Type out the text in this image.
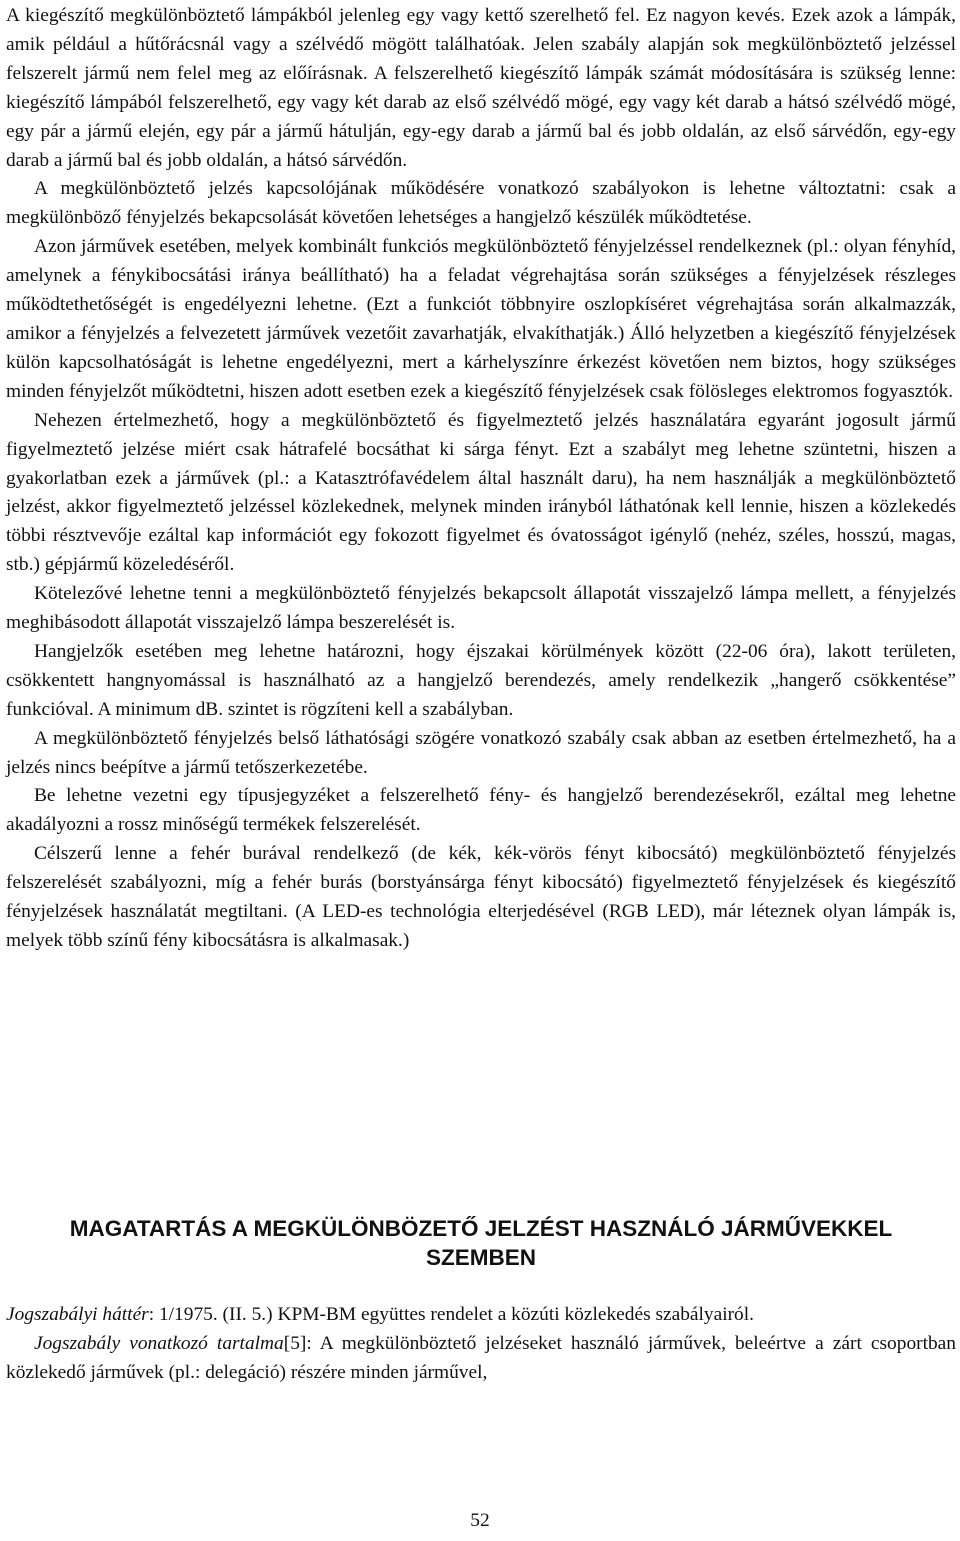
A kiegészítő megkülönböztető lámpákból jelenleg egy vagy kettő szerelhető fel. Ez nagyon kevés. Ezek azok a lámpák, amik például a hűtőrácsnál vagy a szélvédő mögött találhatóak. Jelen szabály alapján sok megkülönböztető jelzéssel felszerelt jármű nem felel meg az előírásnak. A felszerelhető kiegészítő lámpák számát módosítására is szükség lenne: kiegészítő lámpából felszerelhető, egy vagy két darab az első szélvédő mögé, egy vagy két darab a hátsó szélvédő mögé, egy pár a jármű elején, egy pár a jármű hátulján, egy-egy darab a jármű bal és jobb oldalán, az első sárvédőn, egy-egy darab a jármű bal és jobb oldalán, a hátsó sárvédőn.

A megkülönböztető jelzés kapcsolójának működésére vonatkozó szabályokon is lehetne változtatni: csak a megkülönböző fényjelzés bekapcsolását követően lehetséges a hangjelző készülék működtetése.

Azon járművek esetében, melyek kombinált funkciós megkülönböztető fényjelzéssel rendelkeznek (pl.: olyan fényhíd, amelynek a fénykibocsátási iránya beállítható) ha a feladat végrehajtása során szükséges a fényjelzések részleges működtethetőségét is engedélyezni lehetne. (Ezt a funkciót többnyire oszlopkíséret végrehajtása során alkalmazzák, amikor a fényjelzés a felvezetett járművek vezetőit zavarhatják, elvakíthatják.) Álló helyzetben a kiegészítő fényjelzések külön kapcsolhatóságát is lehetne engedélyezni, mert a kárhelyszínre érkezést követően nem biztos, hogy szükséges minden fényjelzőt működtetni, hiszen adott esetben ezek a kiegészítő fényjelzések csak fölösleges elektromos fogyasztók.

Nehezen értelmezhető, hogy a megkülönböztető és figyelmeztető jelzés használatára egyaránt jogosult jármű figyelmeztető jelzése miért csak hátrafelé bocsáthat ki sárga fényt. Ezt a szabályt meg lehetne szüntetni, hiszen a gyakorlatban ezek a járművek (pl.: a Katasztrófavédelem által használt daru), ha nem használják a megkülönböztető jelzést, akkor figyelmeztető jelzéssel közlekednek, melynek minden irányból láthatónak kell lennie, hiszen a közlekedés többi résztvevője ezáltal kap információt egy fokozott figyelmet és óvatosságot igénylő (nehéz, széles, hosszú, magas, stb.) gépjármű közeledéséről.

Kötelezővé lehetne tenni a megkülönböztető fényjelzés bekapcsolt állapotát visszajelző lámpa mellett, a fényjelzés meghibásodott állapotát visszajelző lámpa beszerelését is.

Hangjelzők esetében meg lehetne határozni, hogy éjszakai körülmények között (22-06 óra), lakott területen, csökkentett hangnyomással is használható az a hangjelző berendezés, amely rendelkezik „hangerő csökkentése” funkcióval. A minimum dB. szintet is rögzíteni kell a szabályban.

A megkülönböztető fényjelzés belső láthatósági szögére vonatkozó szabály csak abban az esetben értelmezhető, ha a jelzés nincs beépítve a jármű tetőszerkezetébe.

Be lehetne vezetni egy típusjegyzéket a felszerelhető fény- és hangjelző berendezésekről, ezáltal meg lehetne akadályozni a rossz minőségű termékek felszerelését.

Célszerű lenne a fehér burával rendelkező (de kék, kék-vörös fényt kibocsátó) megkülönböztető fényjelzés felszerelését szabályozni, míg a fehér burás (borstyánsárga fényt kibocsátó) figyelmeztető fényjelzések és kiegészítő fényjelzések használatát megtiltani. (A LED-es technológia elterjedésével (RGB LED), már léteznek olyan lámpák is, melyek több színű fény kibocsátásra is alkalmasak.)

MAGATARTÁS A MEGKÜLÖNBÖZETŐ JELZÉST HASZNÁLÓ JÁRMŰVEKKEL
SZEMBEN

Jogszabályi háttér: 1/1975. (II. 5.) KPM-BM együttes rendelet a közúti közlekedés szabályairól.

Jogszabály vonatkozó tartalma[5]: A megkülönböztető jelzéseket használó járművek, beleértve a zárt csoportban közlekedő járművek (pl.: delegáció) részére minden járművel,

52
